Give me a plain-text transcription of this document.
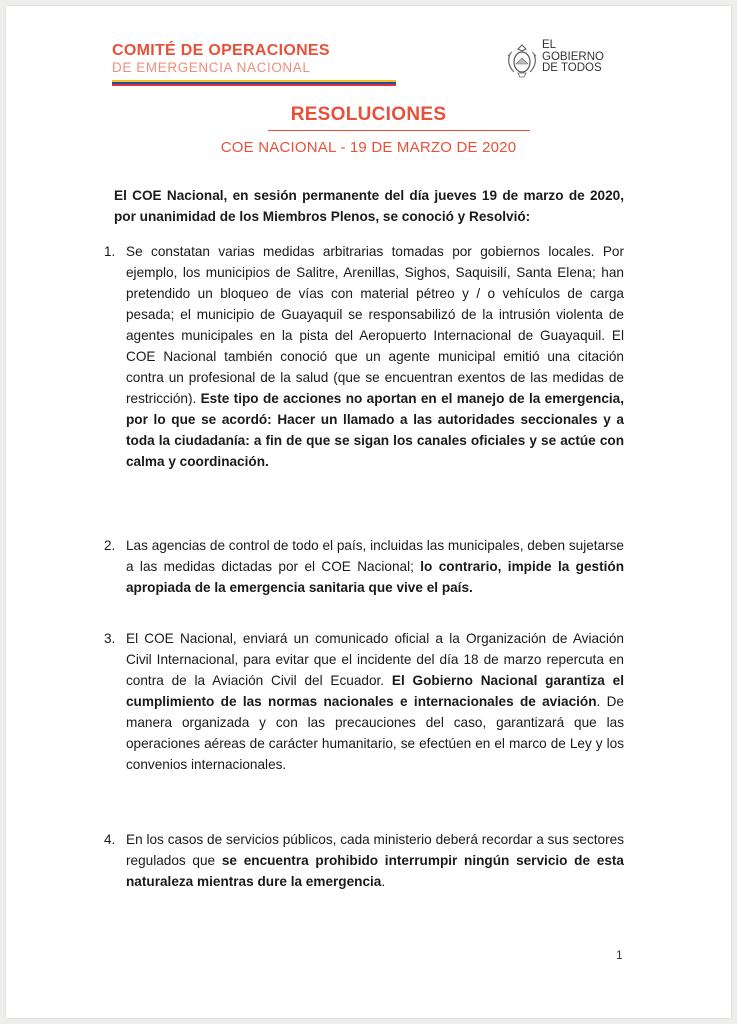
COMITÉ DE OPERACIONES
DE EMERGENCIA NACIONAL
EL
GOBIERNO
DE TODOS
RESOLUCIONES
COE NACIONAL - 19 DE MARZO DE 2020
El COE Nacional, en sesión permanente del día jueves 19 de marzo de 2020, por unanimidad de los Miembros Plenos, se conoció y Resolvió:
1. Se constatan varias medidas arbitrarias tomadas por gobiernos locales. Por ejemplo, los municipios de Salitre, Arenillas, Sighos, Saquisilí, Santa Elena; han pretendido un bloqueo de vías con material pétreo y / o vehículos de carga pesada; el municipio de Guayaquil se responsabilizó de la intrusión violenta de agentes municipales en la pista del Aeropuerto Internacional de Guayaquil. El COE Nacional también conoció que un agente municipal emitió una citación contra un profesional de la salud (que se encuentran exentos de las medidas de restricción). Este tipo de acciones no aportan en el manejo de la emergencia, por lo que se acordó: Hacer un llamado a las autoridades seccionales y a toda la ciudadanía: a fin de que se sigan los canales oficiales y se actúe con calma y coordinación.
2. Las agencias de control de todo el país, incluidas las municipales, deben sujetarse a las medidas dictadas por el COE Nacional; lo contrario, impide la gestión apropiada de la emergencia sanitaria que vive el país.
3. El COE Nacional, enviará un comunicado oficial a la Organización de Aviación Civil Internacional, para evitar que el incidente del día 18 de marzo repercuta en contra de la Aviación Civil del Ecuador. El Gobierno Nacional garantiza el cumplimiento de las normas nacionales e internacionales de aviación. De manera organizada y con las precauciones del caso, garantizará que las operaciones aéreas de carácter humanitario, se efectúen en el marco de Ley y los convenios internacionales.
4. En los casos de servicios públicos, cada ministerio deberá recordar a sus sectores regulados que se encuentra prohibido interrumpir ningún servicio de esta naturaleza mientras dure la emergencia.
1
